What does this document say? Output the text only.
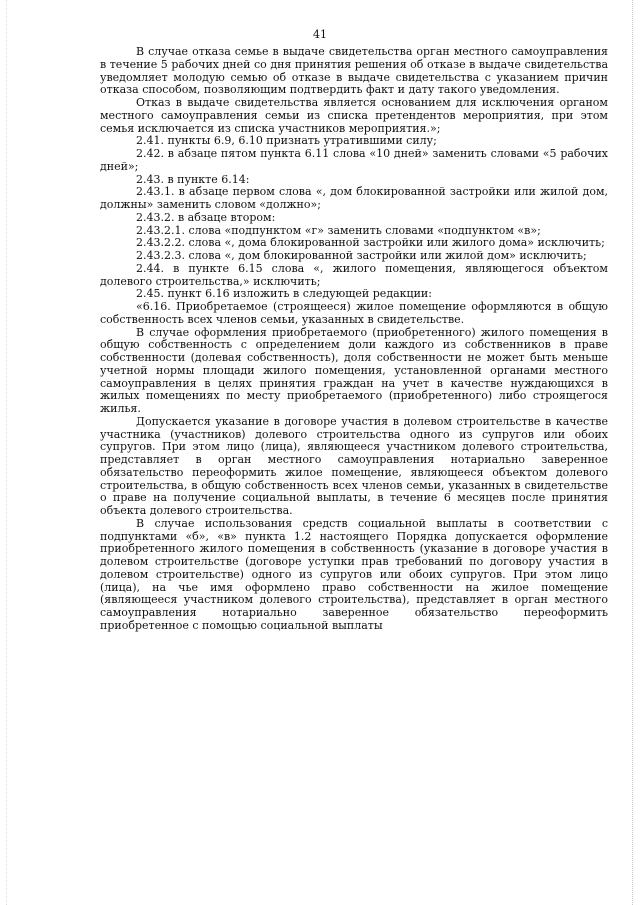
41

В случае отказа семье в выдаче свидетельства орган местного самоуправления в течение 5 рабочих дней со дня принятия решения об отказе в выдаче свидетельства уведомляет молодую семью об отказе в выдаче свидетельства с указанием причин отказа способом, позволяющим подтвердить факт и дату такого уведомления.

Отказ в выдаче свидетельства является основанием для исключения органом местного самоуправления семьи из списка претендентов мероприятия, при этом семья исключается из списка участников мероприятия.»;

2.41. пункты 6.9, 6.10 признать утратившими силу;

2.42. в абзаце пятом пункта 6.11 слова «10 дней» заменить словами «5 рабочих дней»;

2.43. в пункте 6.14:

2.43.1. в абзаце первом слова «, дом блокированной застройки или жилой дом, должны» заменить словом «должно»;

2.43.2. в абзаце втором:

2.43.2.1. слова «подпунктом «г» заменить словами «подпунктом «в»;

2.43.2.2. слова «, дома блокированной застройки или жилого дома» исключить;

2.43.2.3. слова «, дом блокированной застройки или жилой дом» исключить;

2.44. в пункте 6.15 слова «, жилого помещения, являющегося объектом долевого строительства,» исключить;

2.45. пункт 6.16 изложить в следующей редакции:

«6.16. Приобретаемое (строящееся) жилое помещение оформляются в общую собственность всех членов семьи, указанных в свидетельстве.

В случае оформления приобретаемого (приобретенного) жилого помещения в общую собственность с определением доли каждого из собственников в праве собственности (долевая собственность), доля собственности не может быть меньше учетной нормы площади жилого помещения, установленной органами местного самоуправления в целях принятия граждан на учет в качестве нуждающихся в жилых помещениях по месту приобретаемого (приобретенного) либо строящегося жилья.

Допускается указание в договоре участия в долевом строительстве в качестве участника (участников) долевого строительства одного из супругов или обоих супругов. При этом лицо (лица), являющееся участником долевого строительства, представляет в орган местного самоуправления нотариально заверенное обязательство переоформить жилое помещение, являющееся объектом долевого строительства, в общую собственность всех членов семьи, указанных в свидетельстве о праве на получение социальной выплаты, в течение 6 месяцев после принятия объекта долевого строительства.

В случае использования средств социальной выплаты в соответствии с подпунктами «б», «в» пункта 1.2 настоящего Порядка допускается оформление приобретенного жилого помещения в собственность (указание в договоре участия в долевом строительстве (договоре уступки прав требований по договору участия в долевом строительстве) одного из супругов или обоих супругов. При этом лицо (лица), на чье имя оформлено право собственности на жилое помещение (являющееся участником долевого строительства), представляет в орган местного самоуправления нотариально заверенное обязательство переоформить приобретенное с помощью социальной выплаты
